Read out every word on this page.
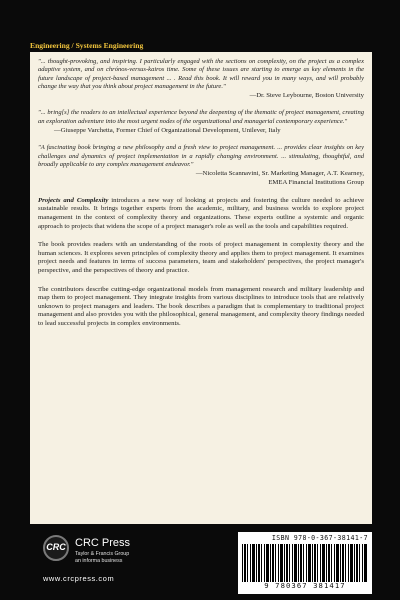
Engineering / Systems Engineering

"... thought-provoking, and inspiring. I particularly engaged with the sections on complexity, on the project as a complex adaptive system, and on chrónos-versus-kairos time. Some of these issues are starting to emerge as key elements in the future landscape of project-based management ... . Read this book. It will reward you in many ways, and will probably change the way that you think about project management in the future."

—Dr. Steve Leybourne, Boston University

"... bring[s] the readers to an intellectual experience beyond the deepening of the thematic of project management, creating an exploration adventure into the most urgent nodes of the organizational and managerial contemporary experience."

—Giuseppe Varchetta, Former Chief of Organizational Development, Unilever, Italy

"A fascinating book bringing a new philosophy and a fresh view to project management. ... provides clear insights on key challenges and dynamics of project implementation in a rapidly changing environment. ... stimulating, thoughtful, and broadly applicable to any complex management endeavor."

—Nicoletta Scannavini, Sr. Marketing Manager, A.T. Kearney,

EMEA Financial Institutions Group

Projects and Complexity introduces a new way of looking at projects and fostering the culture needed to achieve sustainable results. It brings together experts from the academic, military, and business worlds to explore project management in the context of complexity theory and organizations. These experts outline a systemic and organic approach to projects that widens the scope of a project manager's role as well as the tools and capabilities required.

The book provides readers with an understanding of the roots of project management in complexity theory and the human sciences. It explores seven principles of complexity theory and applies them to project management. It examines project needs and features in terms of success parameters, team and stakeholders' perspectives, the project manager's perspective, and the perspectives of theory and practice.

The contributors describe cutting-edge organizational models from management research and military leadership and map them to project management. They integrate insights from various disciplines to introduce tools that are relatively unknown to project managers and leaders. The book describes a paradigm that is complementary to traditional project management and also provides you with the philosophical, general management, and complexity theory findings needed to lead successful projects in complex environments.

CRC CRC Press
Taylor & Francis Group
an informa business
www.crcpress.com
ISBN 978-0-367-38141-7
9 780367 381417
